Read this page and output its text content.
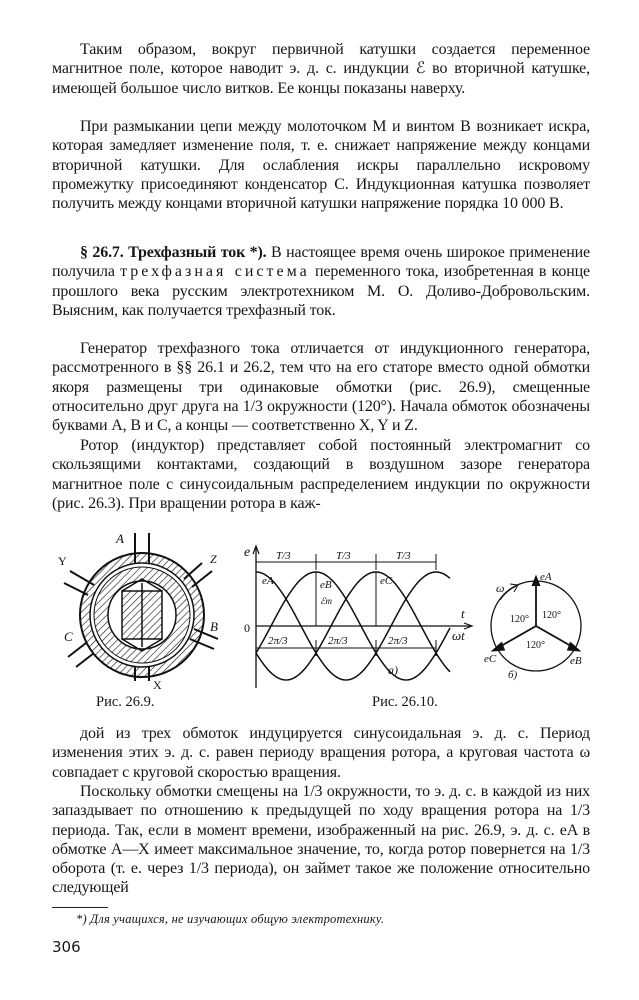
Таким образом, вокруг первичной катушки создается переменное магнитное поле, которое наводит э. д. с. индукции ℰ во вторичной катушке, имеющей большое число витков. Ее концы показаны наверху.

При размыкании цепи между молоточком M и винтом B возникает искра, которая замедляет изменение поля, т. е. снижает напряжение между концами вторичной катушки. Для ослабления искры параллельно искровому промежутку присоединяют конденсатор C. Индукционная катушка позволяет получить между концами вторичной катушки напряжение порядка 10 000 В.

§ 26.7. Трехфазный ток *). В настоящее время очень широкое применение получила трехфазная система переменного тока, изобретенная в конце прошлого века русским электротехником М. О. Доливо-Добровольским. Выясним, как получается трехфазный ток.

Генератор трехфазного тока отличается от индукционного генератора, рассмотренного в §§ 26.1 и 26.2, тем что на его статоре вместо одной обмотки якоря размещены три одинаковые обмотки (рис. 26.9), смещенные относительно друг друга на 1/3 окружности (120°). Начала обмоток обозначены буквами A, B и C, а концы — соответственно X, Y и Z.

Ротор (индуктор) представляет собой постоянный электромагнит со скользящими контактами, создающий в воздушном зазоре генератора магнитное поле с синусоидальным распределением индукции по окружности (рис. 26.3). При вращении ротора в каж-

A
X
Y	Z
B
C
Рис. 26.9.
e
t
ωt
0
T/3	T/3	T/3
2π/3	2π/3	2π/3
eA	eB	eC
ℰm
а)
ω
eA
eB
eC
120° 120°
120°
б)
Рис. 26.10.

дой из трех обмоток индуцируется синусоидальная э. д. с. Период изменения этих э. д. с. равен периоду вращения ротора, а круговая частота ω совпадает с круговой скоростью вращения.

Поскольку обмотки смещены на 1/3 окружности, то э. д. с. в каждой из них запаздывает по отношению к предыдущей по ходу вращения ротора на 1/3 периода. Так, если в момент времени, изображенный на рис. 26.9, э. д. с. eA в обмотке A—X имеет максимальное значение, то, когда ротор повернется на 1/3 оборота (т. е. через 1/3 периода), он займет такое же положение относительно следующей

*) Для учащихся, не изучающих общую электротехнику.
306
